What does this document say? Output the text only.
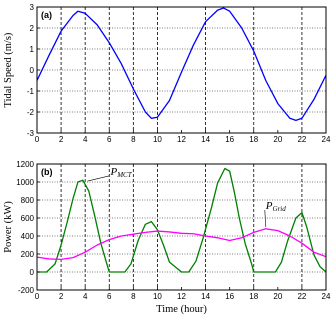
0 2 4 6 8 10 12 14 16 18 20 22 24
3
2
1
0
-1
-2
-3
(a)
Tidal Speed (m/s)
0 2 4 6 8 10 12 14 16 18 20 22 24
1200
1000
800
600
400
200
0
-200
(b)
Power (kW)
Time (hour)
PMCT
PGrid
